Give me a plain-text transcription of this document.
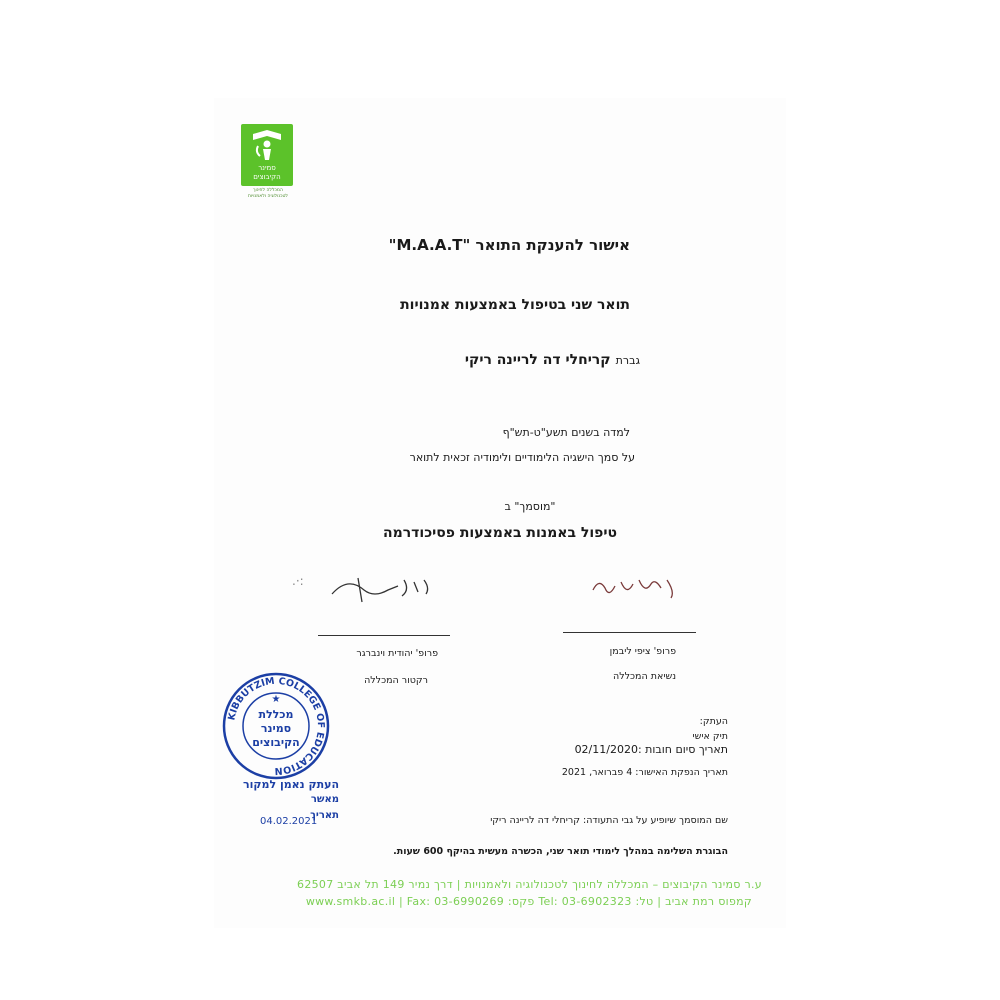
סמינר
הקיבוצים
המכללה לחינוך
לטכנולוגיה ולאמנויות
אישור להענקת התואר "M.A.A.T"
תואר שני בטיפול באמצעות אמנויות
גברת קריחלי דה לריינה ריקי
למדה בשנים תשע"ט-תש"ף
על סמך הישגיה הלימודיים ולימודיה זכאית לתואר
"מוסמך" ב
טיפול באמנות באמצעות פסיכודרמה
.·:
פרופ' יהודית וינברגר
רקטור המכללה
פרופ' ציפי ליבמן
נשיאת המכללה
KIBBUTZIM COLLEGE OF EDUCATION
★
מכללת
סמינר
הקיבוצים
העתק נאמן למקור
מאשר
תאריך
04.02.2021
העתק:
תיק אישי
תאריך סיום חובות :02/11/2020
תאריך הנפקת האישור: 4 פברואר, 2021
שם המוסמך שיופיע על גבי התעודה: קריחלי דה לריינה ריקי
הבוגרת השלימה במהלך לימודי תואר שני, הכשרה מעשית בהיקף 600 שעות.
ע.ר סמינר הקיבוצים – המכללה לחינוך לטכנולוגיה ולאמנויות | דרך נמיר 149 תל אביב 62507
www.smkb.ac.il | Fax: 03-6990269 :פקס Tel: 03-6902323 :קמפוס רמת אביב | טל
